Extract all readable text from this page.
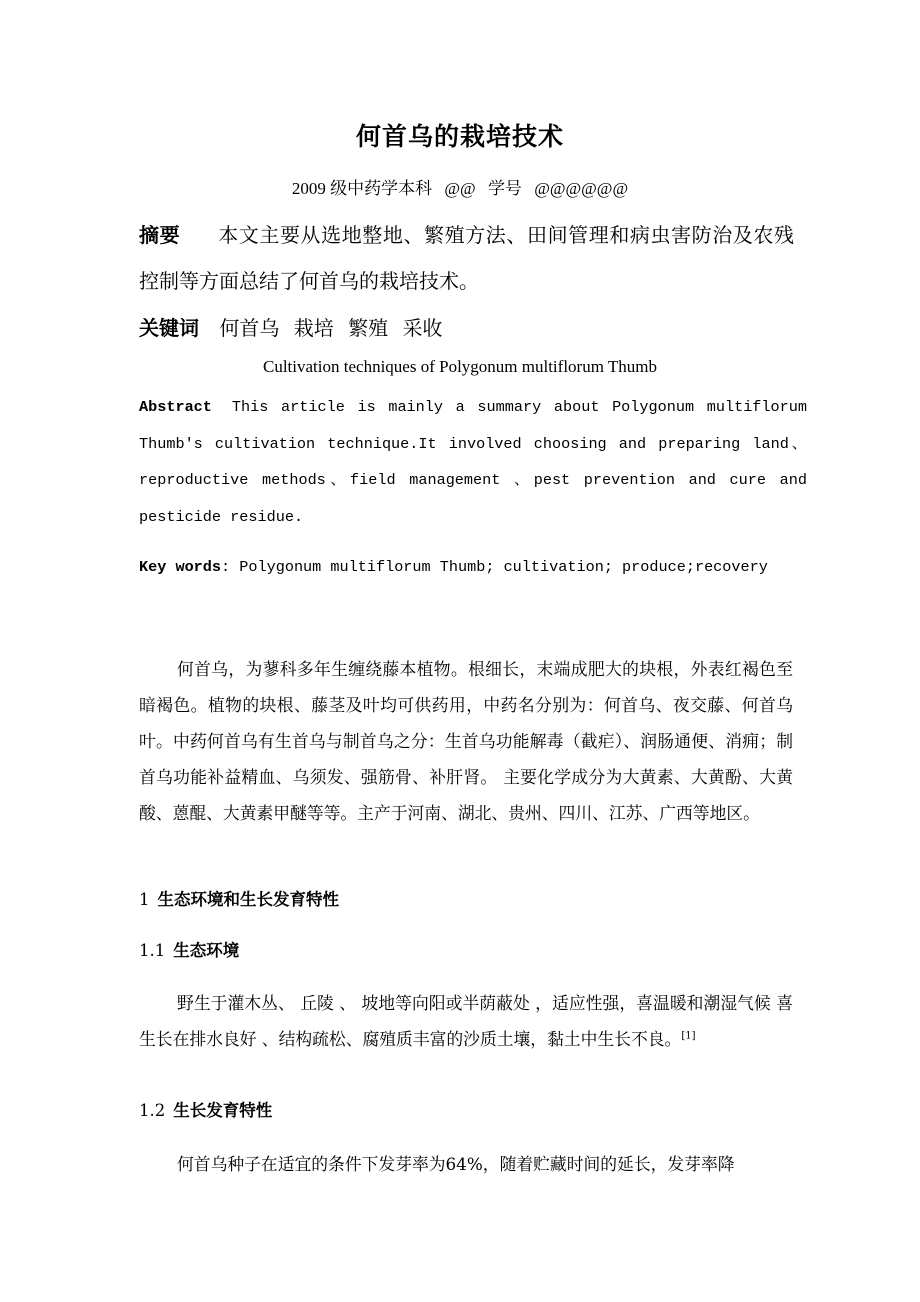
何首乌的栽培技术
2009 级中药学本科 @@ 学号 @@@@@@
摘要 本文主要从选地整地、繁殖方法、田间管理和病虫害防治及农残控制等方面总结了何首乌的栽培技术。
关键词 何首乌 栽培 繁殖 采收
Cultivation techniques of Polygonum multiflorum Thumb
Abstract This article is mainly a summary about Polygonum multiflorum Thumb's cultivation technique.It involved choosing and preparing land、reproductive methods、field management 、pest prevention and cure and pesticide residue.
Key words: Polygonum multiflorum Thumb; cultivation; produce;recovery
何首乌，为蓼科多年生缠绕藤本植物。根细长，末端成肥大的块根，外表红褐色至暗褐色。植物的块根、藤茎及叶均可供药用，中药名分别为：何首乌、夜交藤、何首乌叶。中药何首乌有生首乌与制首乌之分：生首乌功能解毒（截疟）、润肠通便、消痈；制首乌功能补益精血、乌须发、强筋骨、补肝肾。 主要化学成分为大黄素、大黄酚、大黄酸、蒽醌、大黄素甲醚等等。主产于河南、湖北、贵州、四川、江苏、广西等地区。
1 生态环境和生长发育特性
1.1 生态环境
野生于灌木丛、 丘陵 、 坡地等向阳或半荫蔽处 ，适应性强，喜温暖和潮湿气候 喜生长在排水良好 、结构疏松、腐殖质丰富的沙质土壤，黏土中生长不良。[1]
1.2 生长发育特性
何首乌种子在适宜的条件下发芽率为64%，随着贮藏时间的延长，发芽率降
